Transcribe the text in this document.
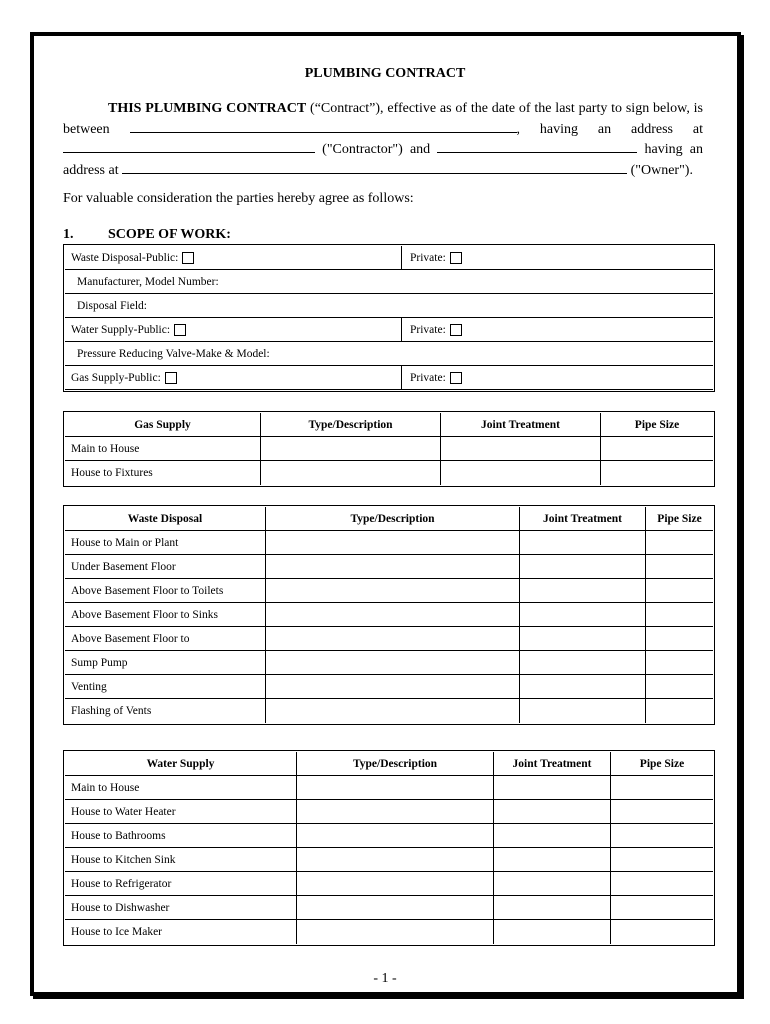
PLUMBING CONTRACT
THIS PLUMBING CONTRACT (“Contract”), effective as of the date of the last party to sign below, is between	, having an address at  ("Contractor") and	having an address at	("Owner").
For valuable consideration the parties hereby agree as follows:
1. SCOPE OF WORK:
Waste Disposal-Public:	Private:
Manufacturer, Model Number:
Disposal Field:
Water Supply-Public:	Private:
Pressure Reducing Valve-Make & Model:
Gas Supply-Public:	Private:
Gas Supply	Type/Description	Joint Treatment	Pipe Size
Main to House			
House to Fixtures			
Waste Disposal	Type/Description	Joint Treatment	Pipe Size
House to Main or Plant			
Under Basement Floor			
Above Basement Floor to Toilets			
Above Basement Floor to Sinks			
Above Basement Floor to			
Sump Pump			
Venting			
Flashing of Vents			
Water Supply	Type/Description	Joint Treatment	Pipe Size
Main to House			
House to Water Heater			
House to Bathrooms			
House to Kitchen Sink			
House to Refrigerator			
House to Dishwasher			
House to Ice Maker			
- 1 -
